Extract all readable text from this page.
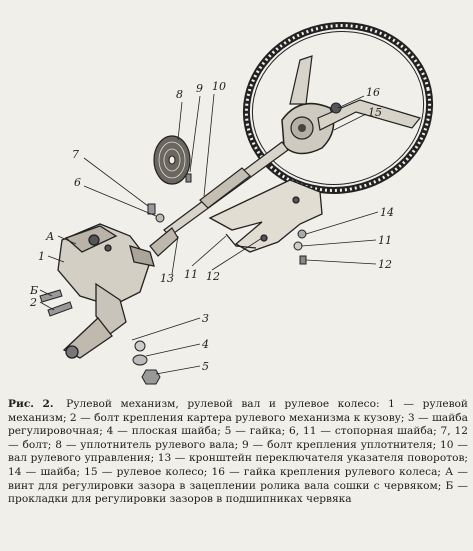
8 9 10
7
6
А
1
Б
2
3
4
5
13 11 12
14
11
12
16
15
Рис. 2. Рулевой механизм, рулевой вал и рулевое колесо: 1 — рулевой механизм; 2 — болт крепления картера рулевого механизма к кузову; 3 — шайба регулировочная; 4 — плоская шайба; 5 — гайка; 6, 11 — стопорная шайба; 7, 12 — болт; 8 — уплотнитель рулевого вала; 9 — болт крепления уплотнителя; 10 — вал рулевого управления; 13 — кронштейн переключателя указателя поворотов; 14 — шайба; 15 — рулевое колесо; 16 — гайка крепления рулевого колеса; А — винт для регулировки зазора в зацеплении ролика вала сошки с червяком; Б — прокладки для регулировки зазоров в подшипниках червяка
